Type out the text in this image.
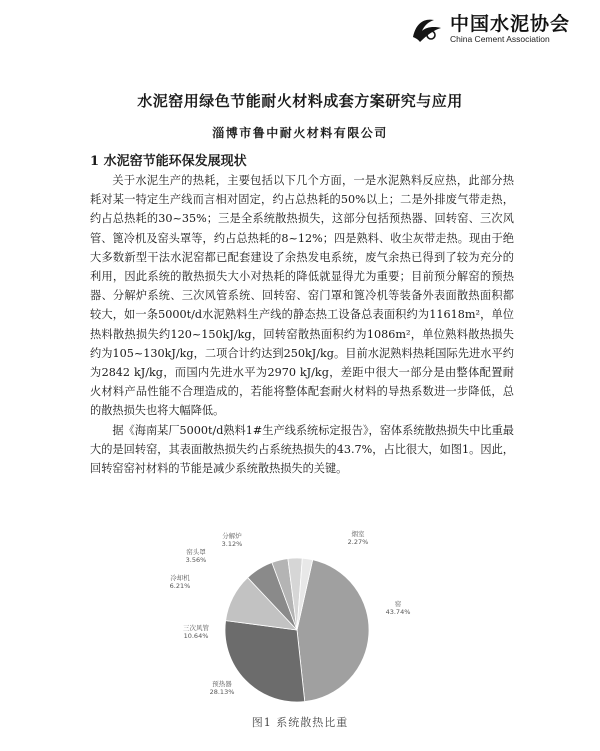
中国水泥协会
China Cement Association
水泥窑用绿色节能耐火材料成套方案研究与应用
淄博市鲁中耐火材料有限公司
1 水泥窑节能环保发展现状

关于水泥生产的热耗，主要包括以下几个方面，一是水泥熟料反应热，此部分热耗对某一特定生产线而言相对固定，约占总热耗的50%以上；二是外排废气带走热，约占总热耗的30~35%；三是全系统散热损失，这部分包括预热器、回转窑、三次风管、篦冷机及窑头罩等，约占总热耗的8~12%；四是熟料、收尘灰带走热。现由于绝大多数新型干法水泥窑都已配套建设了余热发电系统，废气余热已得到了较为充分的利用，因此系统的散热损失大小对热耗的降低就显得尤为重要；目前预分解窑的预热器、分解炉系统、三次风管系统、回转窑、窑门罩和篦冷机等装备外表面散热面积都较大，如一条5000t/d水泥熟料生产线的静态热工设备总表面积约为11618m²，单位热料散热损失约120~150kJ/kg，回转窑散热面积约为1086m²，单位熟料散热损失约为105~130kJ/kg，二项合计约达到250kJ/kg。目前水泥熟料热耗国际先进水平约为2842 kJ/kg，而国内先进水平为2970 kJ/kg，差距中很大一部分是由整体配置耐火材料产品性能不合理造成的，若能将整体配套耐火材料的导热系数进一步降低，总的散热损失也将大幅降低。

据《海南某厂5000t/d熟料1#生产线系统标定报告》，窑体系统散热损失中比重最大的是回转窑，其表面散热损失约占系统热损失的43.7%，占比很大，如图1。因此，回转窑窑衬材料的节能是减少系统散热损失的关键。

窑
43.74%
预热器
28.13%
三次风管
10.64%
冷却机
6.21%
窑头罩
3.56%
分解炉
3.12%
烟室
2.27%
图1 系统散热比重
